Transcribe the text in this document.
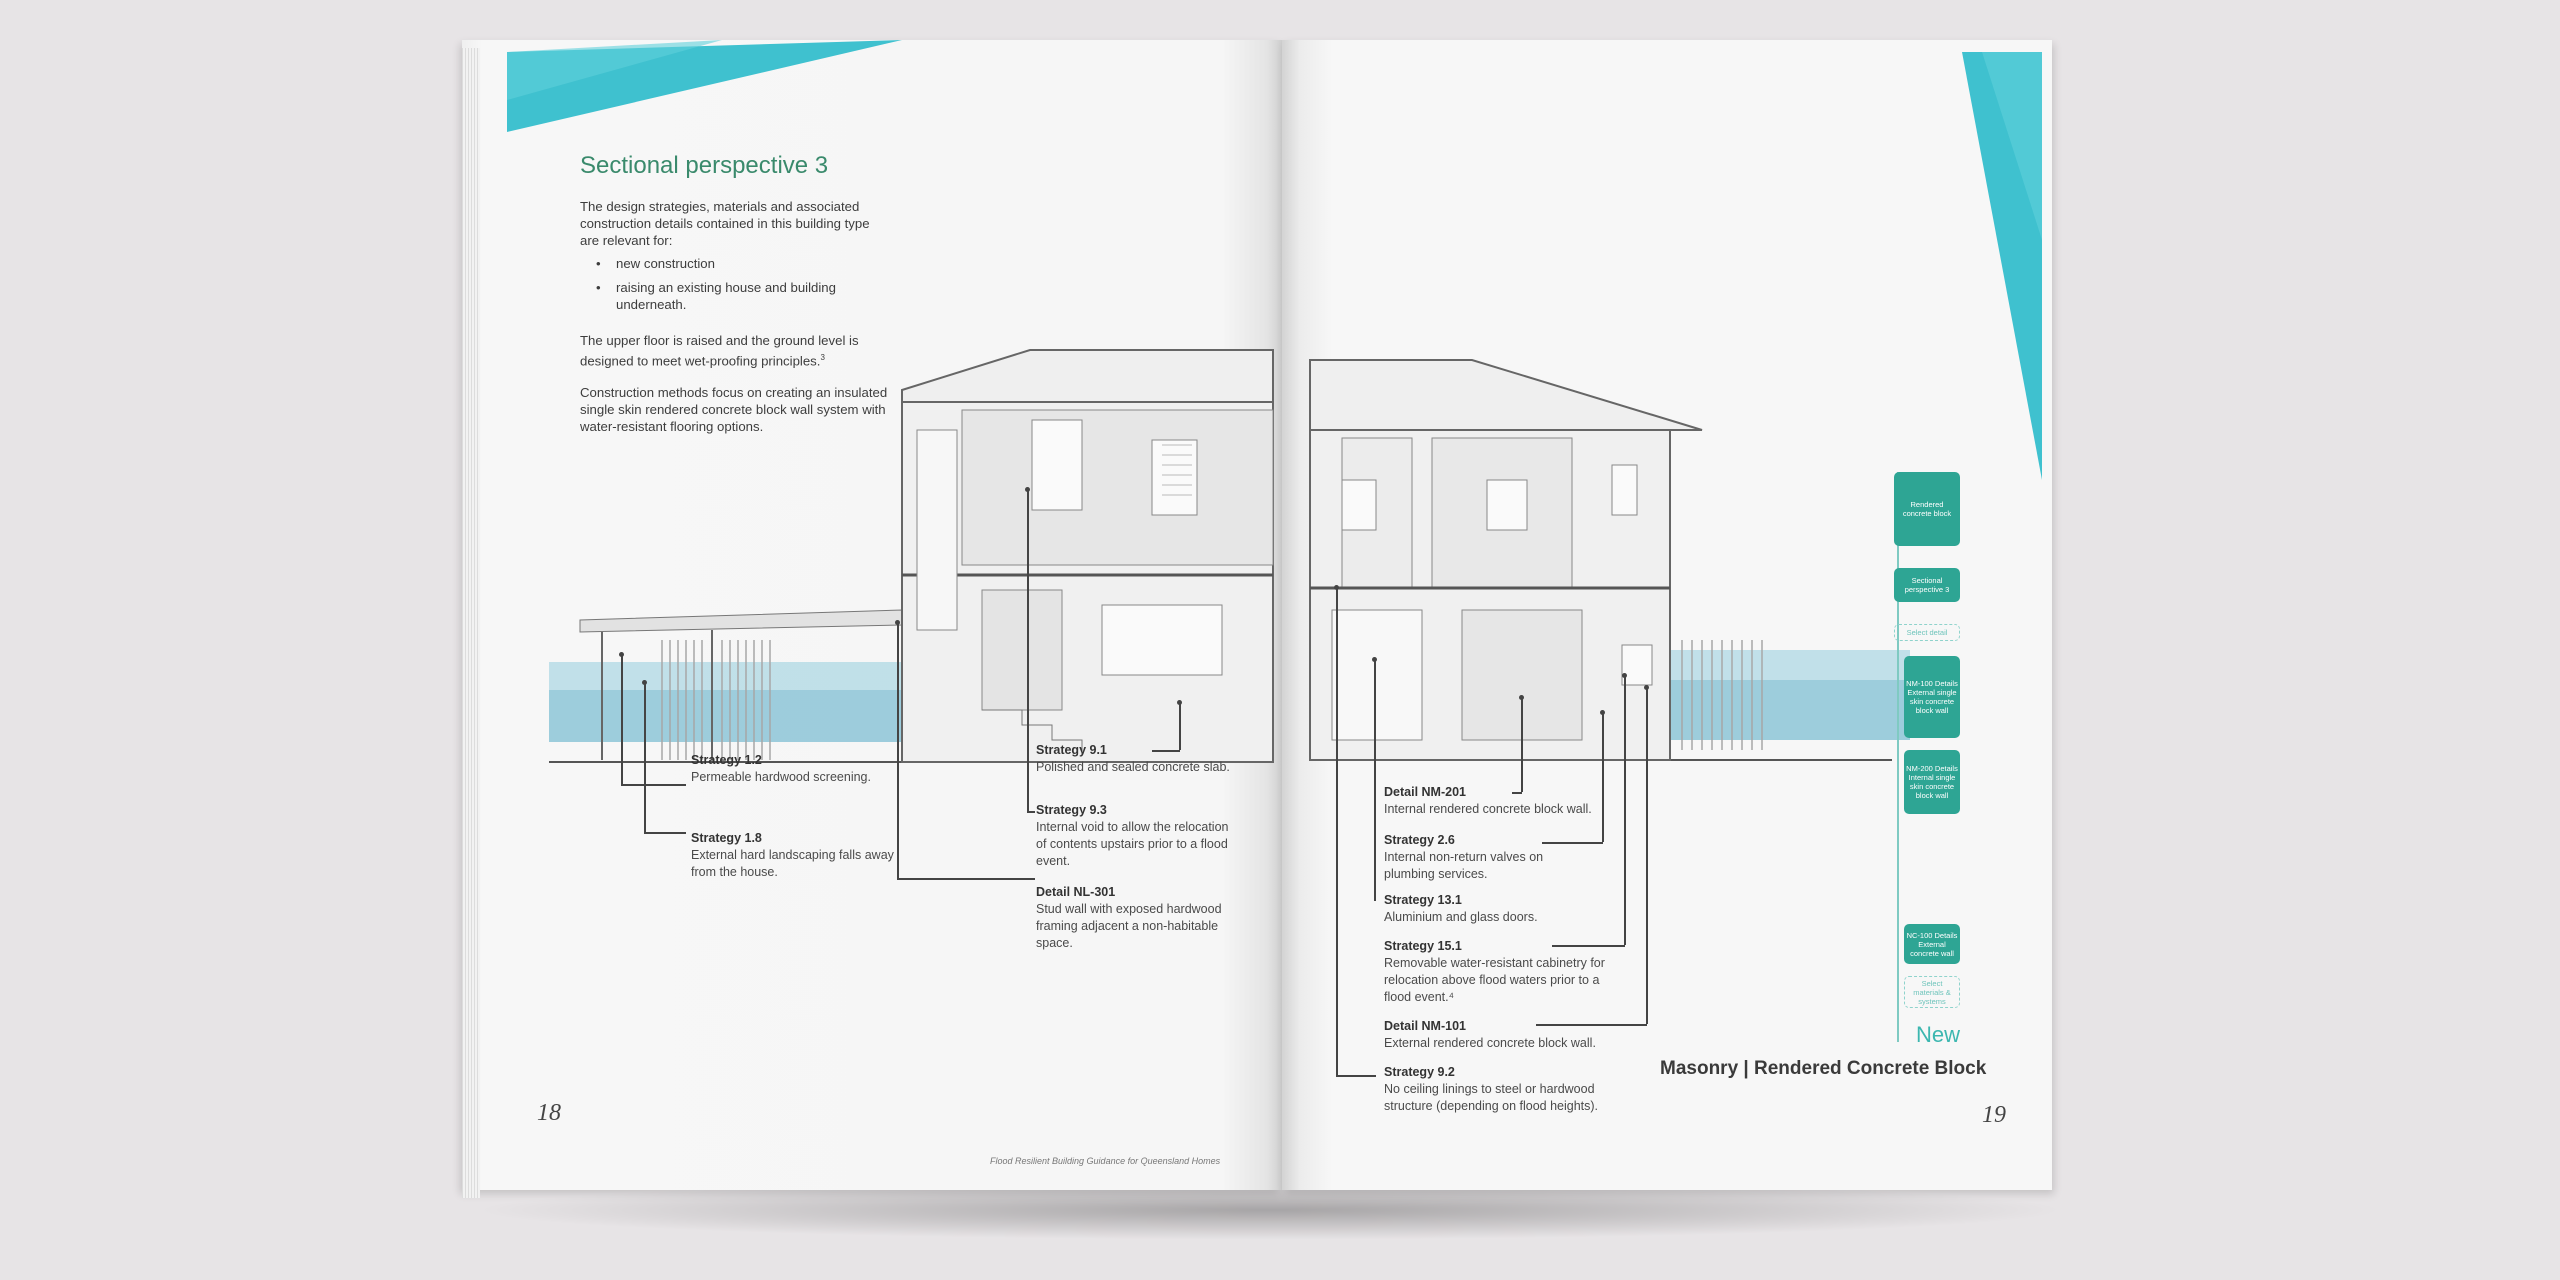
Sectional perspective 3
The design strategies, materials and associated construction details contained in this building type are relevant for:
• new construction
• raising an existing house and building underneath.
The upper floor is raised and the ground level is designed to meet wet-proofing principles.$^3$
Construction methods focus on creating an insulated single skin rendered concrete block wall system with water-resistant flooring options.
Strategy 1.2
Permeable hardwood screening.
Strategy 1.8
External hard landscaping falls away from the house.
Strategy 9.1
Polished and sealed concrete slab.
Strategy 9.3
Internal void to allow the relocation of contents upstairs prior to a flood event.
Detail NL-301
Stud wall with exposed hardwood framing adjacent a non-habitable space.
18
Flood Resilient Building Guidance for Queensland Homes
Detail NM-201
Internal rendered concrete block wall.
Strategy 2.6
Internal non-return valves on plumbing services.
Strategy 13.1
Aluminium and glass doors.
Strategy 15.1
Removable water-resistant cabinetry for relocation above flood waters prior to a flood event.⁴
Detail NM-101
External rendered concrete block wall.
Strategy 9.2
No ceiling linings to steel or hardwood structure (depending on flood heights).
Rendered concrete block
Sectional perspective 3
Select detail
NM-100 Details External single skin concrete block wall
NM-200 Details Internal single skin concrete block wall
NC-100 Details External concrete wall
Select materials & systems
New
Masonry | Rendered Concrete Block
19
